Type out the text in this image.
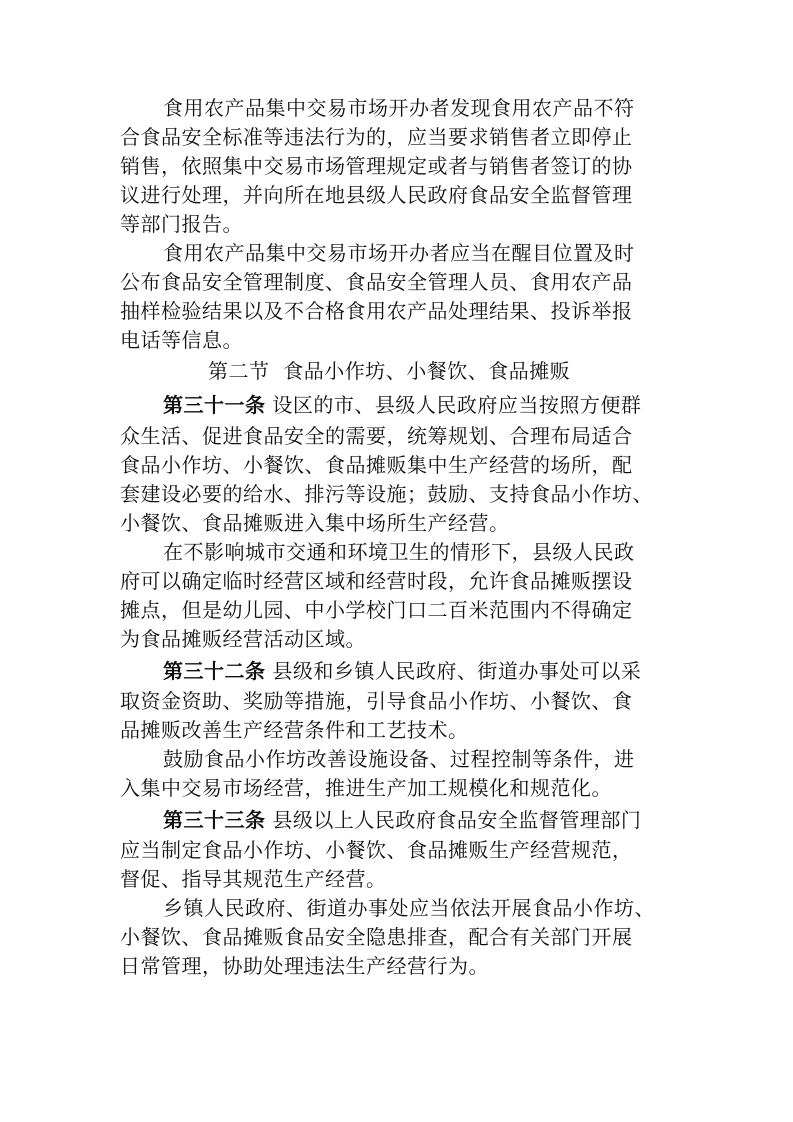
食用农产品集中交易市场开办者发现食用农产品不符
合食品安全标准等违法行为的，应当要求销售者立即停止
销售，依照集中交易市场管理规定或者与销售者签订的协
议进行处理，并向所在地县级人民政府食品安全监督管理
等部门报告。
食用农产品集中交易市场开办者应当在醒目位置及时
公布食品安全管理制度、食品安全管理人员、食用农产品
抽样检验结果以及不合格食用农产品处理结果、投诉举报
电话等信息。
第二节  食品小作坊、小餐饮、食品摊贩
第三十一条 设区的市、县级人民政府应当按照方便群
众生活、促进食品安全的需要，统筹规划、合理布局适合
食品小作坊、小餐饮、食品摊贩集中生产经营的场所，配
套建设必要的给水、排污等设施；鼓励、支持食品小作坊、
小餐饮、食品摊贩进入集中场所生产经营。
在不影响城市交通和环境卫生的情形下，县级人民政
府可以确定临时经营区域和经营时段，允许食品摊贩摆设
摊点，但是幼儿园、中小学校门口二百米范围内不得确定
为食品摊贩经营活动区域。
第三十二条 县级和乡镇人民政府、街道办事处可以采
取资金资助、奖励等措施，引导食品小作坊、小餐饮、食
品摊贩改善生产经营条件和工艺技术。
鼓励食品小作坊改善设施设备、过程控制等条件，进
入集中交易市场经营，推进生产加工规模化和规范化。
第三十三条 县级以上人民政府食品安全监督管理部门
应当制定食品小作坊、小餐饮、食品摊贩生产经营规范，
督促、指导其规范生产经营。
乡镇人民政府、街道办事处应当依法开展食品小作坊、
小餐饮、食品摊贩食品安全隐患排查，配合有关部门开展
日常管理，协助处理违法生产经营行为。
